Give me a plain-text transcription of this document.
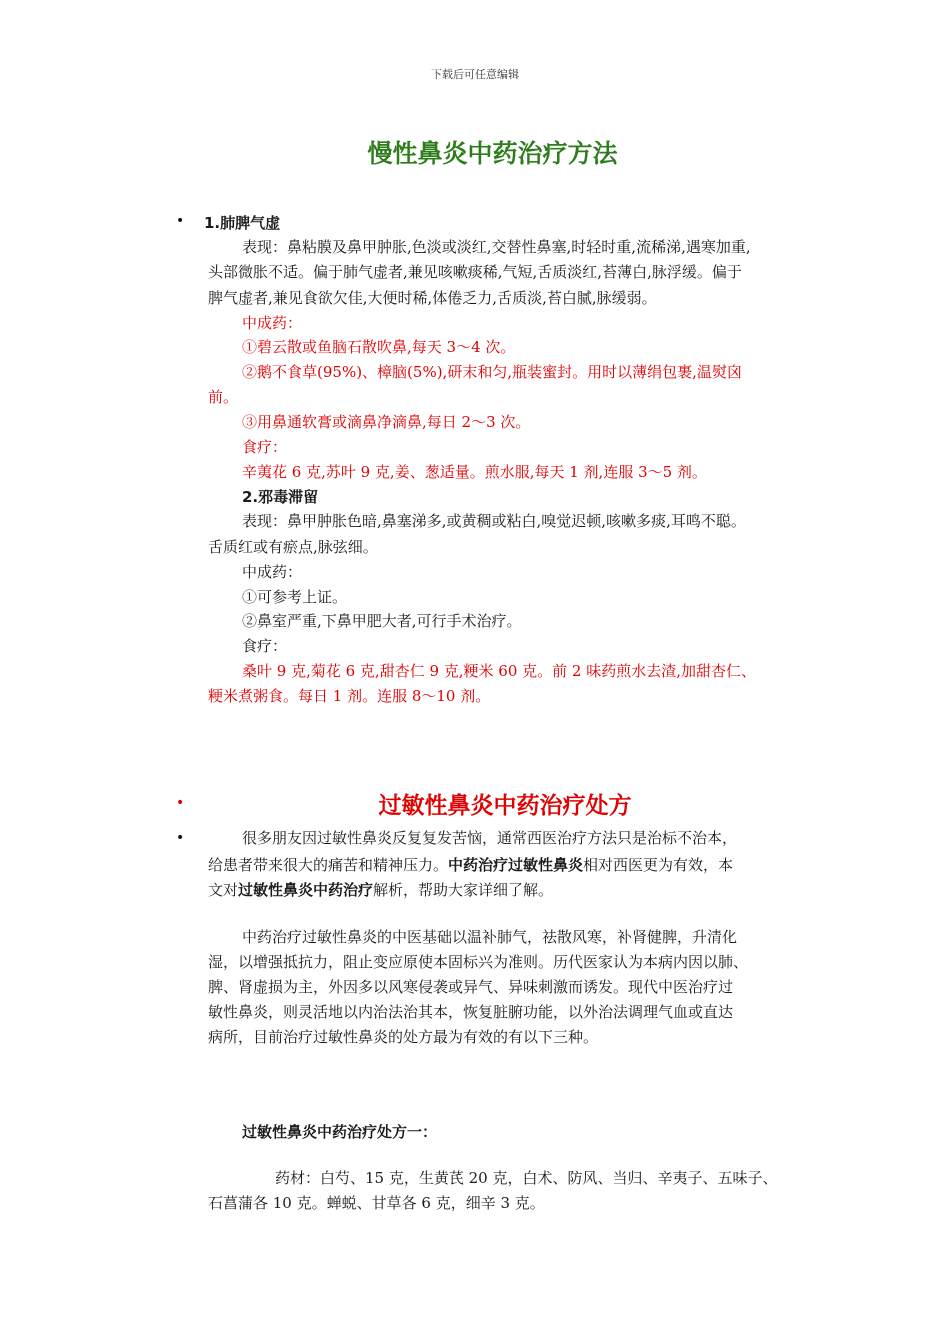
下载后可任意编辑
慢性鼻炎中药治疗方法
• 1.肺脾气虚
表现：鼻粘膜及鼻甲肿胀,色淡或淡红,交替性鼻塞,时轻时重,流稀涕,遇寒加重,
头部微胀不适。偏于肺气虚者,兼见咳嗽痰稀,气短,舌质淡红,苔薄白,脉浮缓。偏于
脾气虚者,兼见食欲欠佳,大便时稀,体倦乏力,舌质淡,苔白腻,脉缓弱。
中成药：
①碧云散或鱼脑石散吹鼻,每天 3～4 次。
②鹅不食草(95%)、樟脑(5%),研末和匀,瓶装蜜封。用时以薄绢包裹,温熨囟
前。
③用鼻通软膏或滴鼻净滴鼻,每日 2～3 次。
食疗：
辛荑花 6 克,苏叶 9 克,姜、葱适量。煎水服,每天 1 剂,连服 3～5 剂。
2.邪毒滞留
表现：鼻甲肿胀色暗,鼻塞涕多,或黄稠或粘白,嗅觉迟顿,咳嗽多痰,耳鸣不聪。
舌质红或有瘀点,脉弦细。
中成药：
①可参考上证。
②鼻室严重,下鼻甲肥大者,可行手术治疗。
食疗：
桑叶 9 克,菊花 6 克,甜杏仁 9 克,粳米 60 克。前 2 味药煎水去渣,加甜杏仁、
粳米煮粥食。每日 1 剂。连服 8～10 剂。
•	过敏性鼻炎中药治疗处方
•	很多朋友因过敏性鼻炎反复复发苦恼，通常西医治疗方法只是治标不治本，
给患者带来很大的痛苦和精神压力。中药治疗过敏性鼻炎相对西医更为有效，本
文对过敏性鼻炎中药治疗解析，帮助大家详细了解。
中药治疗过敏性鼻炎的中医基础以温补肺气，祛散风寒，补肾健脾，升清化
湿，以增强抵抗力，阻止变应原使本固标兴为准则。历代医家认为本病内因以肺、
脾、肾虚损为主，外因多以风寒侵袭或异气、异味刺激而诱发。现代中医治疗过
敏性鼻炎，则灵活地以内治法治其本，恢复脏腑功能，以外治法调理气血或直达
病所，目前治疗过敏性鼻炎的处方最为有效的有以下三种。
过敏性鼻炎中药治疗处方一：
药材：白芍、15 克，生黄芪 20 克，白术、防风、当归、辛夷子、五味子、
石菖蒲各 10 克。蝉蜕、甘草各 6 克，细辛 3 克。
